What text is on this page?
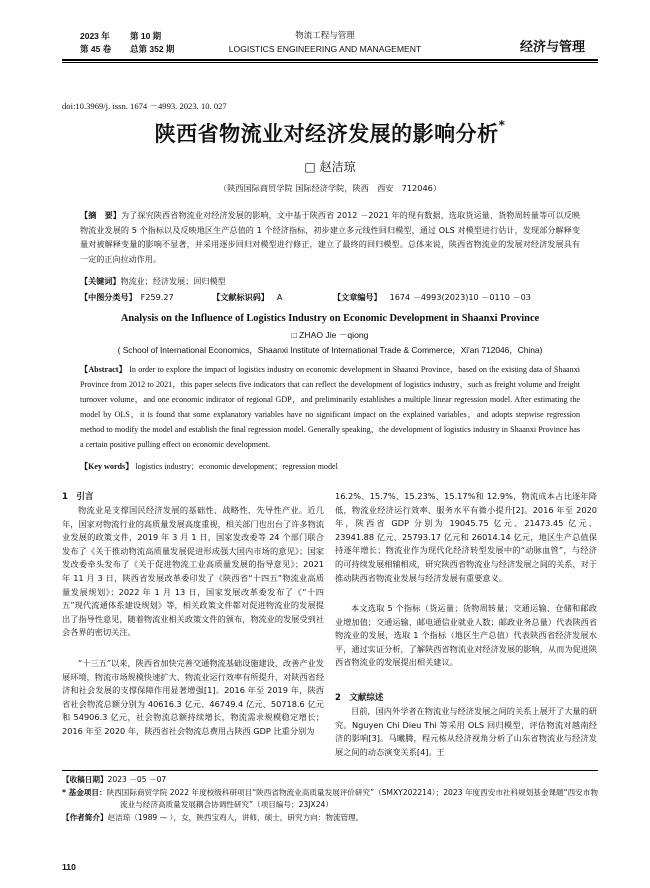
2023 年 第 10 期
第 45 卷 总第 352 期
物流工程与管理
LOGISTICS ENGINEERING AND MANAGEMENT	经济与管理
doi:10.3969/j. issn. 1674 －4993. 2023. 10. 027
陕西省物流业对经济发展的影响分析*
□ 赵洁琼
（陕西国际商贸学院 国际经济学院，陕西　西安　712046）
【摘　要】为了探究陕西省物流业对经济发展的影响，文中基于陕西省 2012 －2021 年的现有数据，选取货运量、货物周转量等可以反映物流业发展的 5 个指标以及反映地区生产总值的 1 个经济指标，初步建立多元线性回归模型，通过 OLS 对模型进行估计，发现部分解释变量对被解释变量的影响不显著，并采用逐步回归对模型进行修正，建立了最终的回归模型。总体来说，陕西省物流业的发展对经济发展具有一定的正向拉动作用。
【关键词】物流业；经济发展；回归模型
【中图分类号】 F259.27	【文献标识码】 A	【文章编号】 1674 －4993(2023)10 －0110 －03
Analysis on the Influence of Logistics Industry on Economic Development in Shaanxi Province
□ ZHAO Jie －qiong
( School of International Economics，Shaanxi Institute of International Trade & Commerce，Xi'an 712046，China)
【Abstract】 In order to explore the impact of logistics industry on economic development in Shaanxi Province，based on the existing data of Shaanxi Province from 2012 to 2021，this paper selects five indicators that can reflect the development of logistics industry，such as freight volume and freight turnover volume，and one economic indicator of regional GDP，and preliminarily establishes a multiple linear regression model. After estimating the model by OLS，it is found that some explanatory variables have no significant impact on the explained variables，and adopts stepwise regression method to modify the model and establish the final regression model. Generally speaking，the development of logistics industry in Shaanxi Province has a certain positive pulling effect on economic development.
【Key words】 logistics industry；economic development；regression model
1　引言
物流业是支撑国民经济发展的基础性、战略性、先导性产业。近几年，国家对物流行业的高质量发展高度重视，相关部门也出台了许多物流业发展的政策文件，2019 年 3 月 1 日，国家发改委等 24 个部门联合发布了《关于推动物流高质量发展促进形成强大国内市场的意见》；国家发改委牵头发布了《关于促进物流工业高质量发展的指导意见》；2021 年 11 月 3 日，陕西省发展改革委印发了《陕西省“十四五”物流业高质量发展规划》；2022 年 1 月 13 日，国家发展改革委发布了《“十四五”现代流通体系建设规划》等，相关政策文件都对促进物流业的发展提出了指导性意见，随着物流业相关政策文件的颁布，物流业的发展受到社会各界的密切关注。
“十三五”以来，陕西省加快完善交通物流基础设施建设，改善产业发展环境，物流市场规模快速扩大、物流业运行效率有所提升，对陕西省经济和社会发展的支撑保障作用显著增强[1]。2016 年至 2019 年，陕西省社会物流总额分别为 40616.3 亿元、46749.4 亿元、50718.6 亿元和 54906.3 亿元，社会物流总额持续增长，物流需求规模稳定增长；2016 年至 2020 年，陕西省社会物流总费用占陕西 GDP 比重分别为
16.2%、15.7%、15.23%、15.17%和 12.9%，物流成本占比逐年降低，物流业经济运行效率、服务水平有微小提升[2]。2016 年至 2020 年，陕西省 GDP 分别为 19045.75 亿元、21473.45 亿元、23941.88 亿元、25793.17 亿元和 26014.14 亿元，地区生产总值保持逐年增长；物流业作为现代化经济转型发展中的“动脉血管”，与经济的可持续发展相辅相成，研究陕西省物流业与经济发展之间的关系，对于推动陕西省物流业发展与经济发展有重要意义。
本文选取 5 个指标（货运量；货物周转量；交通运输、仓储和邮政业增加值；交通运输、邮电通信业就业人数；邮政业务总量）代表陕西省物流业的发展，选取 1 个指标（地区生产总值）代表陕西省经济发展水平，通过实证分析，了解陕西省物流业对经济发展的影响，从而为促进陕西省物流业的发展提出相关建议。
2　文献综述
目前，国内外学者在物流业与经济发展之间的关系上展开了大量的研究。Nguyen Chi Dieu Thi 等采用 OLS 回归模型，评估物流对越南经济的影响[3]。马曦腾，程元栋从经济视角分析了山东省物流业与经济发展之间的动态演变关系[4]。王
【收稿日期】2023 －05 －07
* 基金项目：陕西国际商贸学院 2022 年度校级科研项目“陕西省物流业高质量发展评价研究”（SMXY202214）；2023 年度西安市社科规划基金课题“西安市物流业与经济高质量发展耦合协调性研究”（项目编号；23JX24）
【作者简介】赵洁琼（1989 — ），女，陕西宝鸡人，讲师，硕士，研究方向：物流管理。
110
